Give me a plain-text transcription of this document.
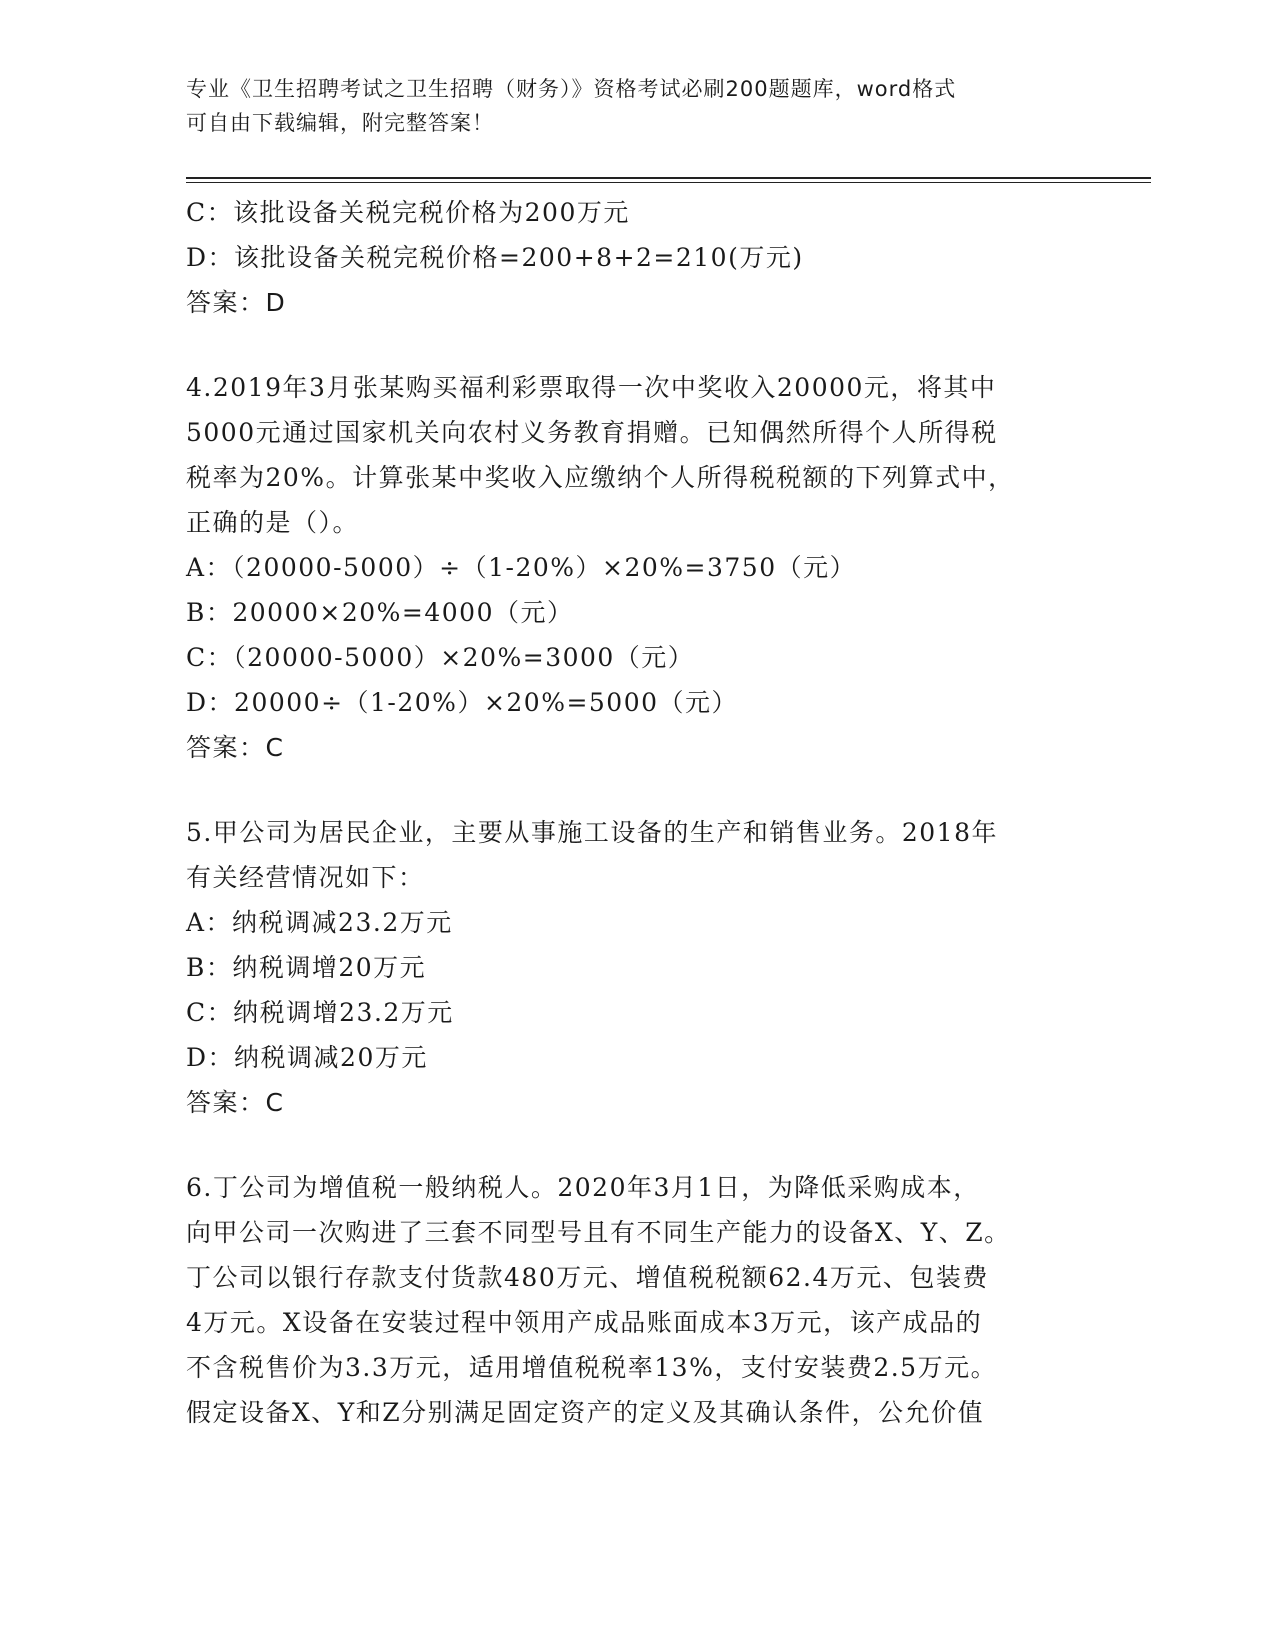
专业《卫生招聘考试之卫生招聘（财务）》资格考试必刷200题题库，word格式
可自由下载编辑，附完整答案！
C：该批设备关税完税价格为200万元
D：该批设备关税完税价格=200+8+2=210(万元)
答案：D
4.2019年3月张某购买福利彩票取得一次中奖收入20000元，将其中
5000元通过国家机关向农村义务教育捐赠。已知偶然所得个人所得税
税率为20%。计算张某中奖收入应缴纳个人所得税税额的下列算式中，
正确的是（）。
A：（20000-5000）÷（1-20%）×20%=3750（元）
B：20000×20%=4000（元）
C：（20000-5000）×20%=3000（元）
D：20000÷（1-20%）×20%=5000（元）
答案：C
5.甲公司为居民企业，主要从事施工设备的生产和销售业务。2018年
有关经营情况如下：
A：纳税调减23.2万元
B：纳税调增20万元
C：纳税调增23.2万元
D：纳税调减20万元
答案：C
6.丁公司为增值税一般纳税人。2020年3月1日，为降低采购成本，
向甲公司一次购进了三套不同型号且有不同生产能力的设备X、Y、Z。
丁公司以银行存款支付货款480万元、增值税税额62.4万元、包装费
4万元。X设备在安装过程中领用产成品账面成本3万元，该产成品的
不含税售价为3.3万元，适用增值税税率13%，支付安装费2.5万元。
假定设备X、Y和Z分别满足固定资产的定义及其确认条件，公允价值
